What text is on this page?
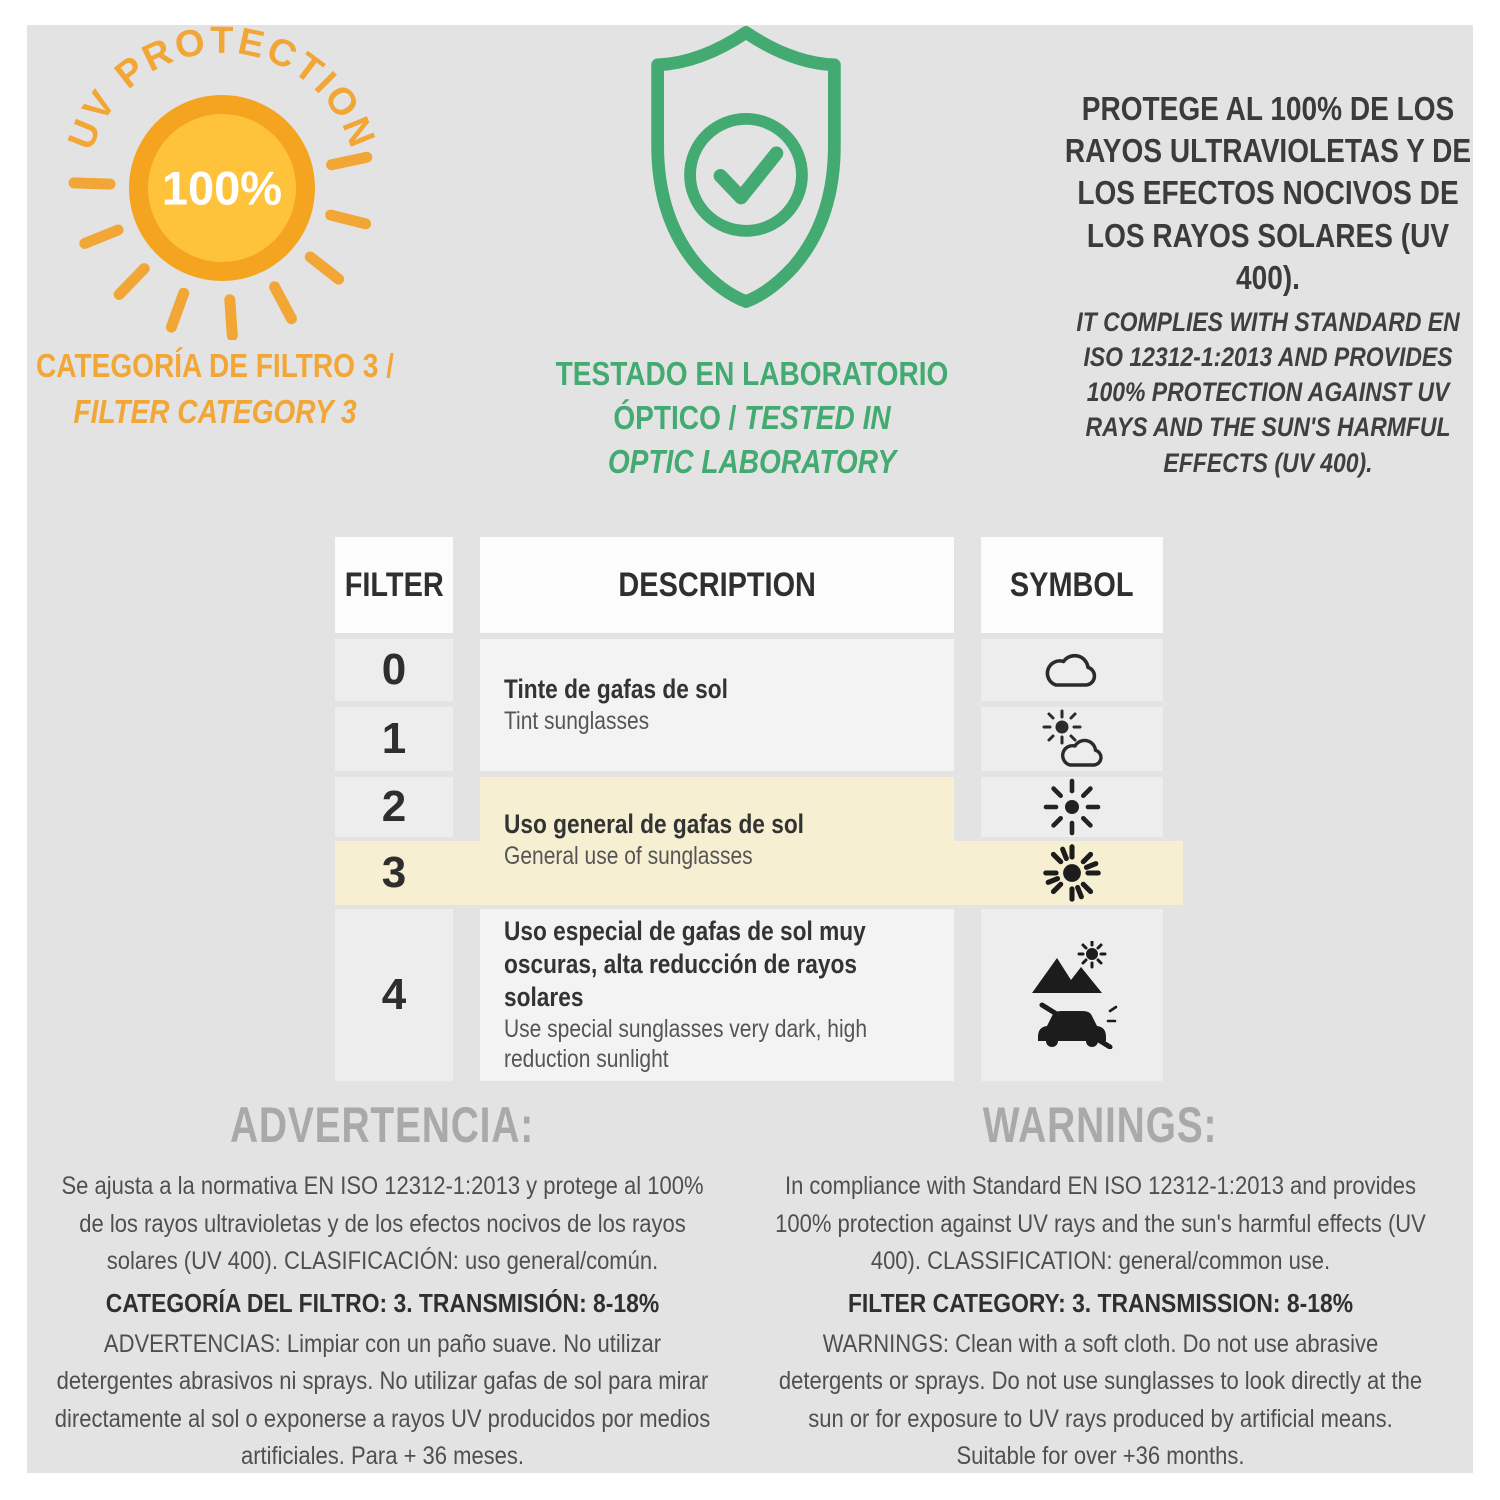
UV PROTECTION
100%
CATEGORÍA DE FILTRO 3 /
FILTER CATEGORY 3
TESTADO EN LABORATORIO
ÓPTICO / TESTED IN
OPTIC LABORATORY
PROTEGE AL 100% DE LOS RAYOS ULTRAVIOLETAS Y DE LOS EFECTOS NOCIVOS DE LOS RAYOS SOLARES (UV 400).
IT COMPLIES WITH STANDARD EN ISO 12312-1:2013 AND PROVIDES 100% PROTECTION AGAINST UV RAYS AND THE SUN'S HARMFUL EFFECTS (UV 400).
FILTER	DESCRIPTION	SYMBOL
0
1
2
3
4
Tinte de gafas de sol
Tint sunglasses
Uso general de gafas de sol
General use of sunglasses
Uso especial de gafas de sol muy oscuras, alta reducción de rayos solares
Use special sunglasses very dark, high reduction sunlight
ADVERTENCIA:

Se ajusta a la normativa EN ISO 12312-1:2013 y protege al 100% de los rayos ultravioletas y de los efectos nocivos de los rayos solares (UV 400). CLASIFICACIÓN: uso general/común.

CATEGORÍA DEL FILTRO: 3. TRANSMISIÓN: 8-18%

ADVERTENCIAS: Limpiar con un paño suave. No utilizar detergentes abrasivos ni sprays. No utilizar gafas de sol para mirar directamente al sol o exponerse a rayos UV producidos por medios artificiales. Para + 36 meses.

WARNINGS:

In compliance with Standard EN ISO 12312-1:2013 and provides 100% protection against UV rays and the sun's harmful effects (UV 400). CLASSIFICATION: general/common use.

FILTER CATEGORY: 3. TRANSMISSION: 8-18%

WARNINGS: Clean with a soft cloth. Do not use abrasive detergents or sprays. Do not use sunglasses to look directly at the sun or for exposure to UV rays produced by artificial means. Suitable for over +36 months.
